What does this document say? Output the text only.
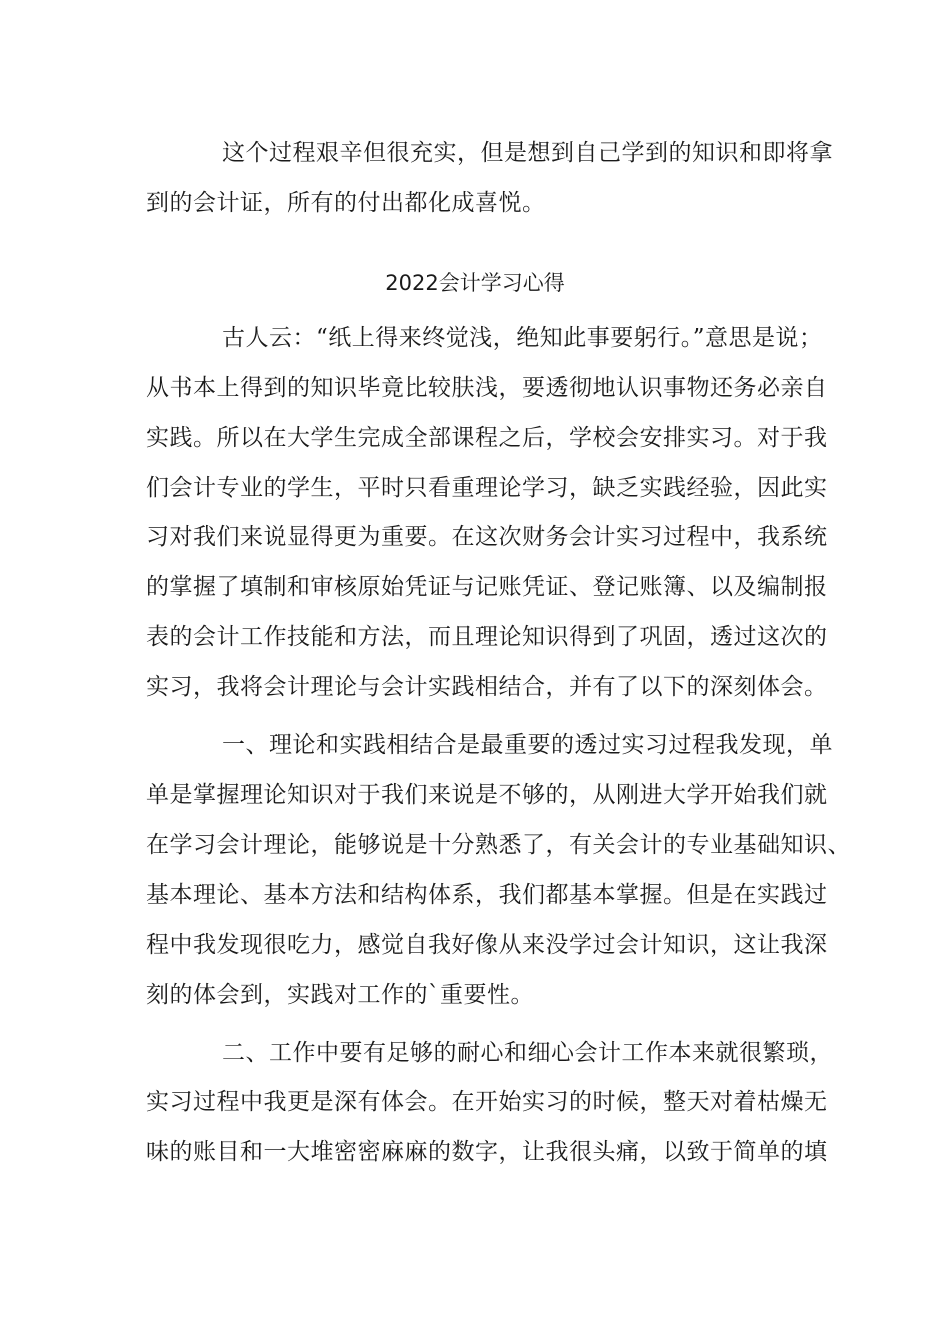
这个过程艰辛但很充实，但是想到自己学到的知识和即将拿
到的会计证，所有的付出都化成喜悦。
2022会计学习心得
古人云：“纸上得来终觉浅，绝知此事要躬行。”意思是说；
从书本上得到的知识毕竟比较肤浅，要透彻地认识事物还务必亲自
实践。所以在大学生完成全部课程之后，学校会安排实习。对于我
们会计专业的学生，平时只看重理论学习，缺乏实践经验，因此实
习对我们来说显得更为重要。在这次财务会计实习过程中，我系统
的掌握了填制和审核原始凭证与记账凭证、登记账簿、以及编制报
表的会计工作技能和方法，而且理论知识得到了巩固，透过这次的
实习，我将会计理论与会计实践相结合，并有了以下的深刻体会。
一、理论和实践相结合是最重要的透过实习过程我发现，单
单是掌握理论知识对于我们来说是不够的，从刚进大学开始我们就
在学习会计理论，能够说是十分熟悉了，有关会计的专业基础知识、
基本理论、基本方法和结构体系，我们都基本掌握。但是在实践过
程中我发现很吃力，感觉自我好像从来没学过会计知识，这让我深
刻的体会到，实践对工作的`重要性。
二、工作中要有足够的耐心和细心会计工作本来就很繁琐，
实习过程中我更是深有体会。在开始实习的时候，整天对着枯燥无
味的账目和一大堆密密麻麻的数字，让我很头痛，以致于简单的填
